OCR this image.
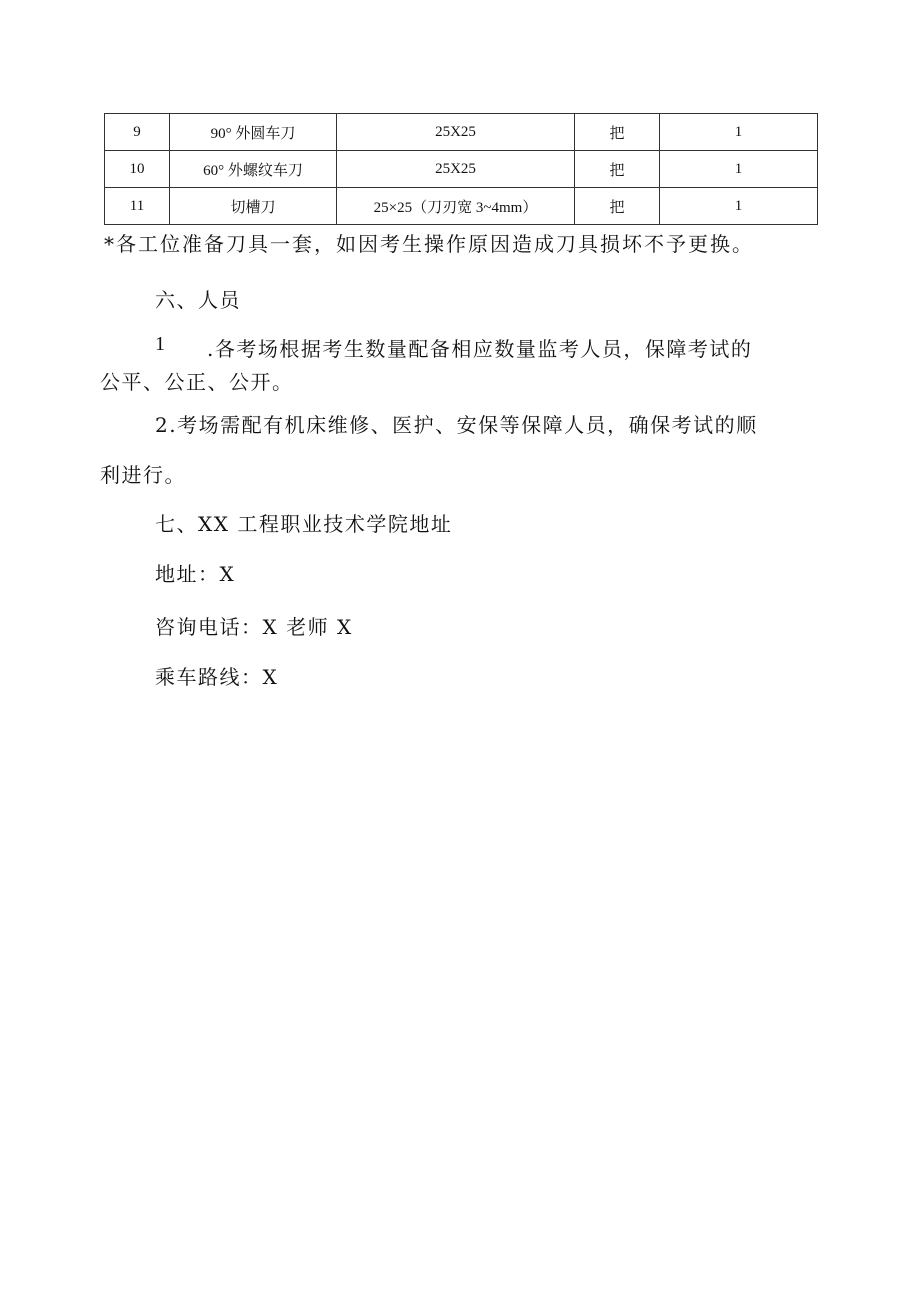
9	90° 外圆车刀	25X25	把	1
10	60° 外螺纹车刀	25X25	把	1
11	切槽刀	25×25（刀刃宽 3~4mm）	把	1

*各工位准备刀具一套，如因考生操作原因造成刀具损坏不予更换。

六、人员

1 .各考场根据考生数量配备相应数量监考人员，保障考试的

公平、公正、公开。

2.考场需配有机床维修、医护、安保等保障人员，确保考试的顺

利进行。

七、XX 工程职业技术学院地址

地址：X

咨询电话：X 老师 X

乘车路线：X
